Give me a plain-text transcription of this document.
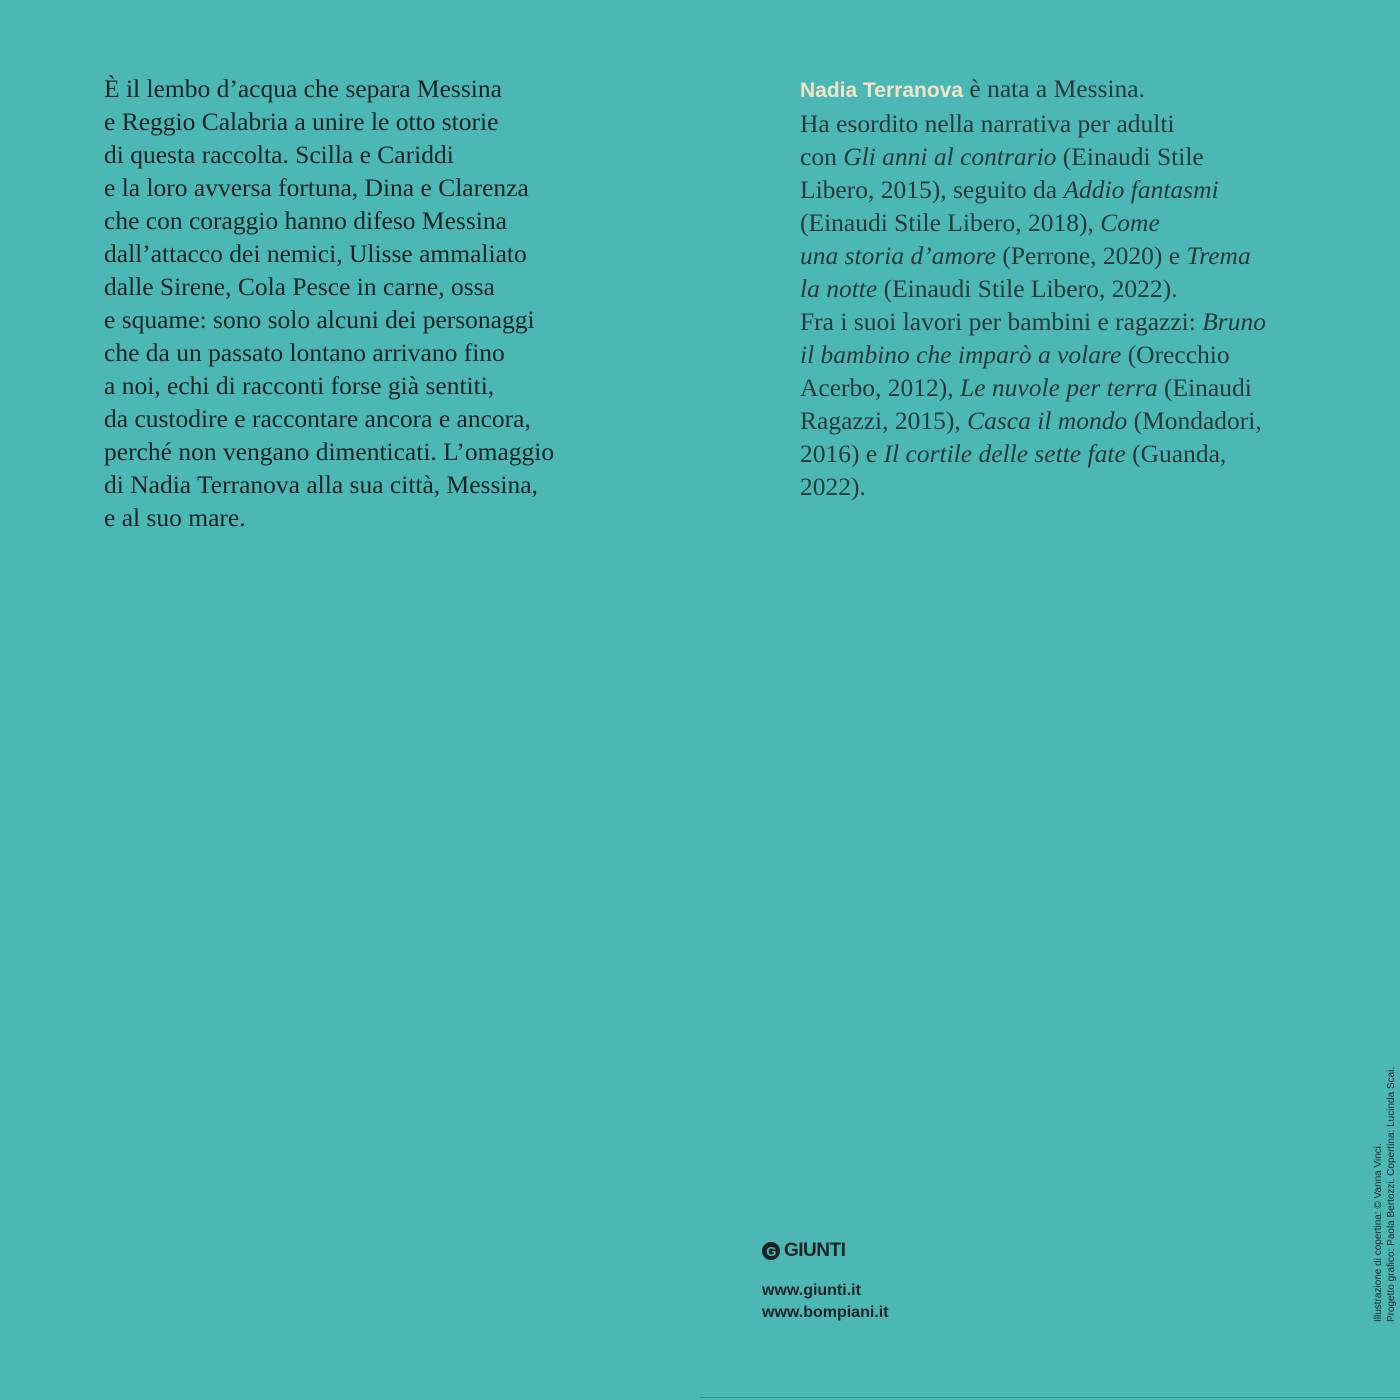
È il lembo d’acqua che separa Messina
e Reggio Calabria a unire le otto storie
di questa raccolta. Scilla e Cariddi
e la loro avversa fortuna, Dina e Clarenza
che con coraggio hanno difeso Messina
dall’attacco dei nemici, Ulisse ammaliato
dalle Sirene, Cola Pesce in carne, ossa
e squame: sono solo alcuni dei personaggi
che da un passato lontano arrivano fino
a noi, echi di racconti forse già sentiti,
da custodire e raccontare ancora e ancora,
perché non vengano dimenticati. L’omaggio
di Nadia Terranova alla sua città, Messina,
e al suo mare.
Nadia Terranova è nata a Messina.
Ha esordito nella narrativa per adulti
con Gli anni al contrario (Einaudi Stile
Libero, 2015), seguito da Addio fantasmi
(Einaudi Stile Libero, 2018), Come
una storia d’amore (Perrone, 2020) e Trema
la notte (Einaudi Stile Libero, 2022).
Fra i suoi lavori per bambini e ragazzi: Bruno
il bambino che imparò a volare (Orecchio
Acerbo, 2012), Le nuvole per terra (Einaudi
Ragazzi, 2015), Casca il mondo (Mondadori,
2016) e Il cortile delle sette fate (Guanda,
2022).
G GIUNTI
www.giunti.it
www.bompiani.it	Illustrazione di copertina: © Vanna Vinci. Progetto grafico: Paola Bertozzi. Copertina: Lucinda Scai.
